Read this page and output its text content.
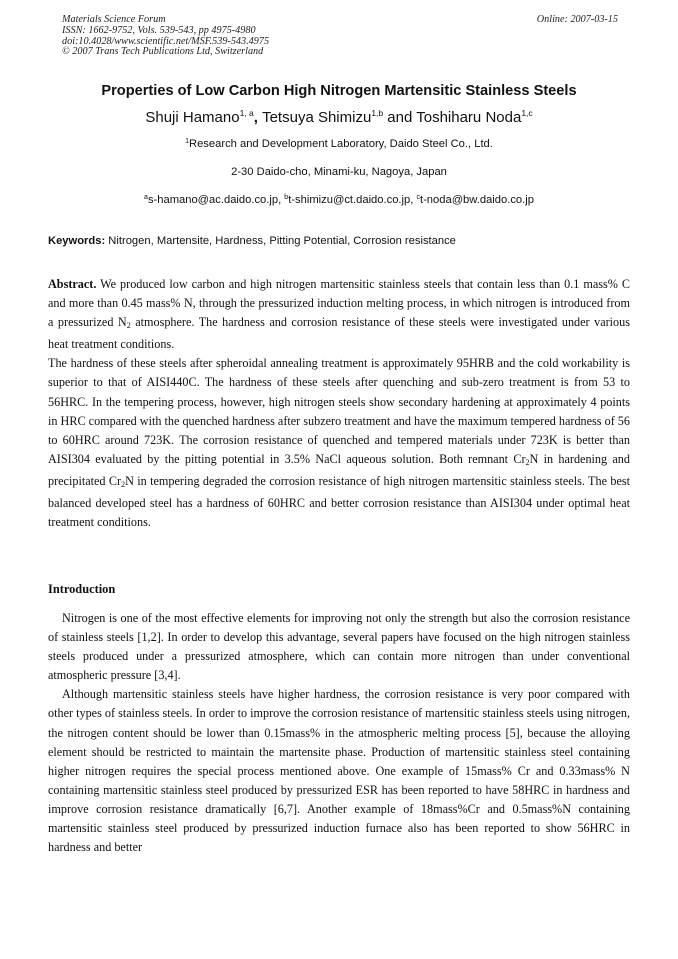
Materials Science Forum
ISSN: 1662-9752, Vols. 539-543, pp 4975-4980
doi:10.4028/www.scientific.net/MSF.539-543.4975
© 2007 Trans Tech Publications Ltd, Switzerland
Online: 2007-03-15
Properties of Low Carbon High Nitrogen Martensitic Stainless Steels
Shuji Hamano$^{1, a}$, Tetsuya Shimizu$^{1,b}$ and Toshiharu Noda$^{1,c}$
$^1$Research and Development Laboratory, Daido Steel Co., Ltd.
2-30 Daido-cho, Minami-ku, Nagoya, Japan
$^a$s-hamano@ac.daido.co.jp, $^b$t-shimizu@ct.daido.co.jp, $^c$t-noda@bw.daido.co.jp
Keywords: Nitrogen, Martensite, Hardness, Pitting Potential, Corrosion resistance

Abstract. We produced low carbon and high nitrogen martensitic stainless steels that contain less than 0.1 mass% C and more than 0.45 mass% N, through the pressurized induction melting process, in which nitrogen is introduced from a pressurized $N_2$ atmosphere. The hardness and corrosion resistance of these steels were investigated under various heat treatment conditions.

The hardness of these steels after spheroidal annealing treatment is approximately 95HRB and the cold workability is superior to that of AISI440C. The hardness of these steels after quenching and sub-zero treatment is from 53 to 56HRC. In the tempering process, however, high nitrogen steels show secondary hardening at approximately 4 points in HRC compared with the quenched hardness after subzero treatment and have the maximum tempered hardness of 56 to 60HRC around 723K. The corrosion resistance of quenched and tempered materials under 723K is better than AISI304 evaluated by the pitting potential in 3.5% NaCl aqueous solution. Both remnant $Cr_2N$ in hardening and precipitated $Cr_2N$ in tempering degraded the corrosion resistance of high nitrogen martensitic stainless steels. The best balanced developed steel has a hardness of 60HRC and better corrosion resistance than AISI304 under optimal heat treatment conditions.

Introduction

Nitrogen is one of the most effective elements for improving not only the strength but also the corrosion resistance of stainless steels [1,2]. In order to develop this advantage, several papers have focused on the high nitrogen stainless steels produced under a pressurized atmosphere, which can contain more nitrogen than under conventional atmospheric pressure [3,4].

Although martensitic stainless steels have higher hardness, the corrosion resistance is very poor compared with other types of stainless steels. In order to improve the corrosion resistance of martensitic stainless steels using nitrogen, the nitrogen content should be lower than 0.15mass% in the atmospheric melting process [5], because the alloying element should be restricted to maintain the martensite phase. Production of martensitic stainless steel containing higher nitrogen requires the special process mentioned above. One example of 15mass% Cr and 0.33mass% N containing martensitic stainless steel produced by pressurized ESR has been reported to have 58HRC in hardness and improve corrosion resistance dramatically [6,7]. Another example of 18mass%Cr and 0.5mass%N containing martensitic stainless steel produced by pressurized induction furnace also has been reported to show 56HRC in hardness and better
